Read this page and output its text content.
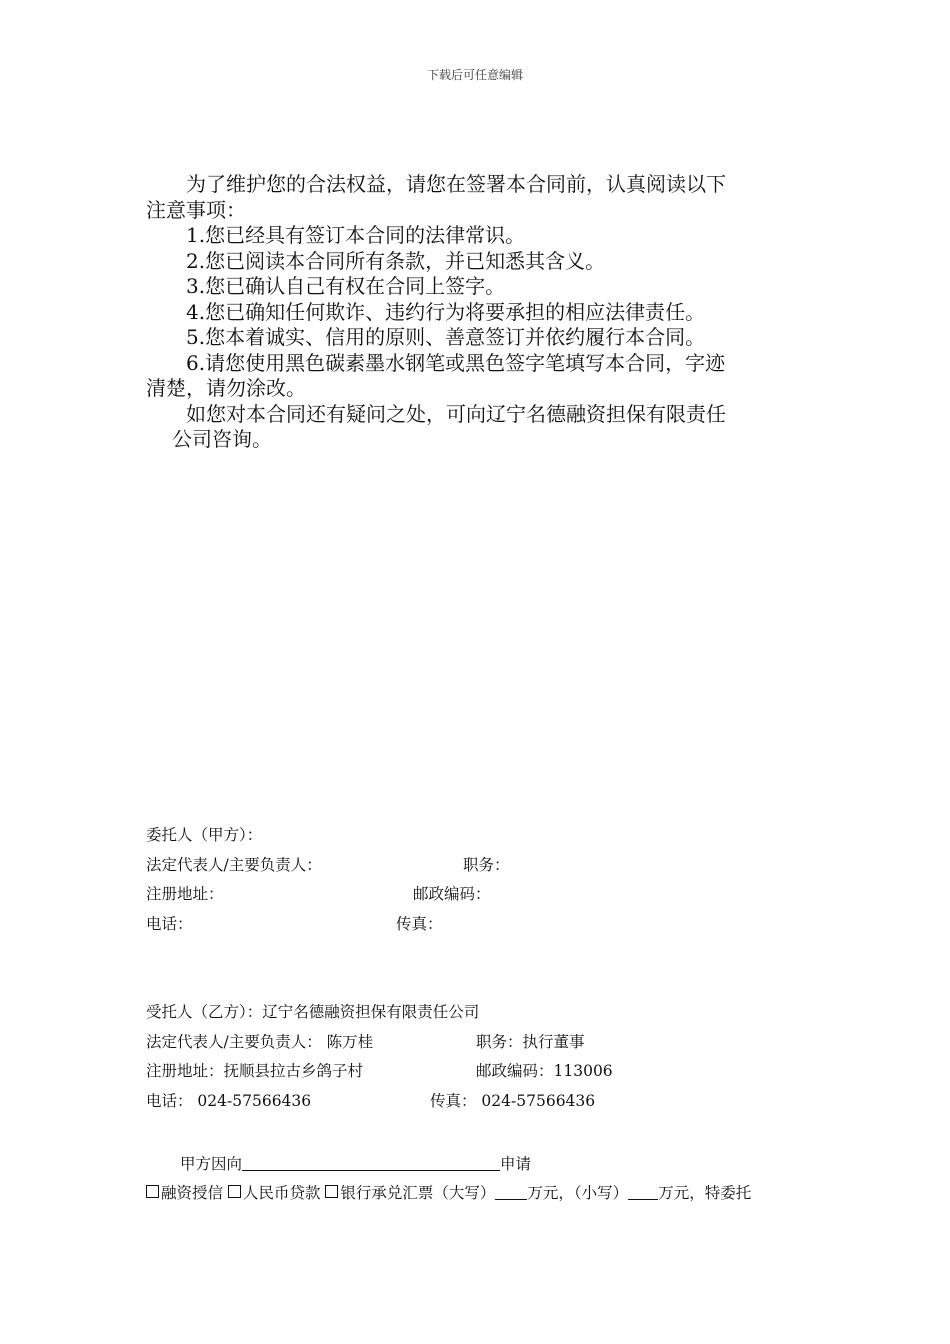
下载后可任意编辑

为了维护您的合法权益，请您在签署本合同前，认真阅读以下

注意事项：

1.您已经具有签订本合同的法律常识。

2.您已阅读本合同所有条款，并已知悉其含义。

3.您已确认自己有权在合同上签字。

4.您已确知任何欺诈、违约行为将要承担的相应法律责任。

5.您本着诚实、信用的原则、善意签订并依约履行本合同。

6.请您使用黑色碳素墨水钢笔或黑色签字笔填写本合同，字迹

清楚，请勿涂改。

如您对本合同还有疑问之处，可向辽宁名德融资担保有限责任

公司咨询。

委托人（甲方）：
法定代表人/主要负责人：	职务：
注册地址：	邮政编码：
电话：	传真：
受托人（乙方）：辽宁名德融资担保有限责任公司
法定代表人/主要负责人： 陈万桂	职务：执行董事
注册地址：抚顺县拉古乡鸽子村	邮政编码：113006
电话： 024-57566436	传真： 024-57566436
甲方因向	申请
融资授信 人民币贷款 银行承兑汇票（大写） 万元，（小写） 万元，特委托
